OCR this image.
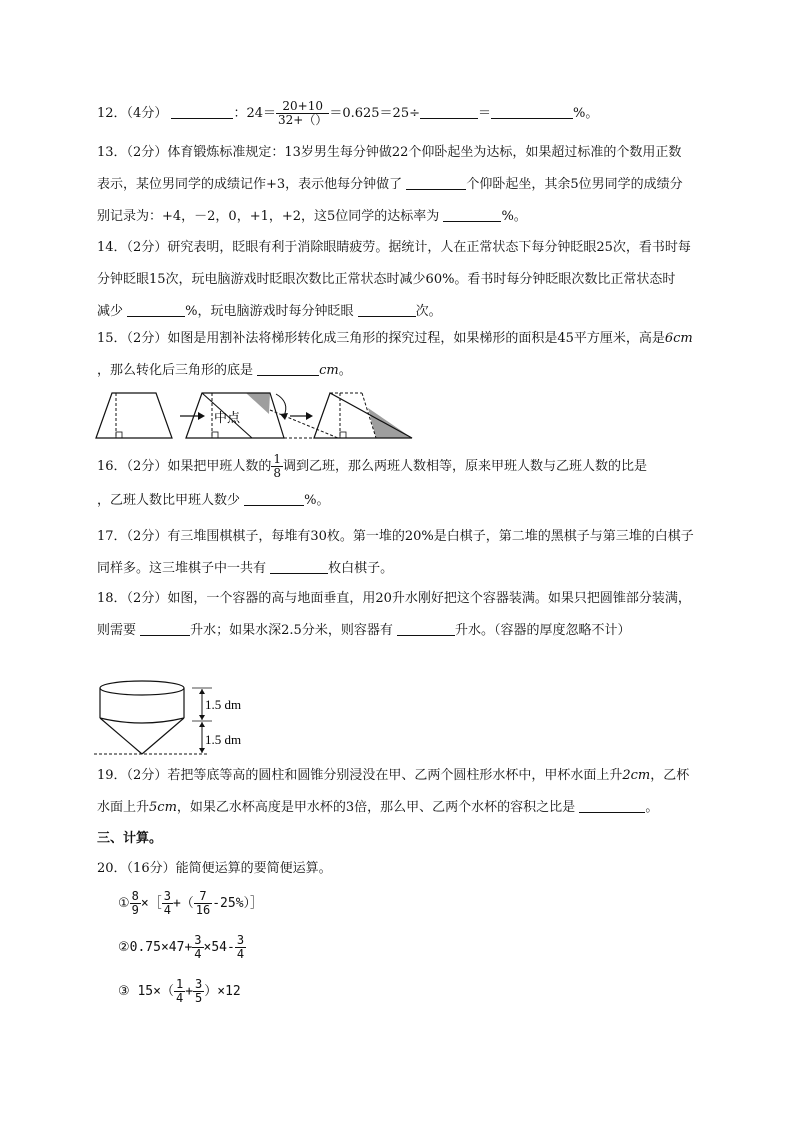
12．（4分）	：$24= \frac{20+10}{32+()} =0.625=25\div$	＝	%。
13．（2分）体育锻炼标准规定：13岁男生每分钟做22个仰卧起坐为达标，如果超过标准的个数用正数
表示，某位男同学的成绩记作+3，表示他每分钟做了	个仰卧起坐，其余5位男同学的成绩分
别记录为：+4，－2，0，+1，+2，这5位同学的达标率为	%。
14．（2分）研究表明，眨眼有利于消除眼睛疲劳。据统计，人在正常状态下每分钟眨眼25次，看书时每
分钟眨眼15次，玩电脑游戏时眨眼次数比正常状态时减少60%。看书时每分钟眨眼次数比正常状态时
减少	%，玩电脑游戏时每分钟眨眼	次。
15．（2分）如图是用割补法将梯形转化成三角形的探究过程，如果梯形的面积是45平方厘米，高是6cm
，那么转化后三角形的底是	cm。
中点
16．（2分）如果把甲班人数的 $\frac{1}{8}$ 调到乙班，那么两班人数相等，原来甲班人数与乙班人数的比是
，乙班人数比甲班人数少	%。
17．（2分）有三堆围棋棋子，每堆有30枚。第一堆的20%是白棋子，第二堆的黑棋子与第三堆的白棋子
同样多。这三堆棋子中一共有	枚白棋子。
18．（2分）如图，一个容器的高与地面垂直，用20升水刚好把这个容器装满。如果只把圆锥部分装满，
则需要	升水；如果水深2.5分米，则容器有	升水。（容器的厚度忽略不计）
1.5 dm
1.5 dm
19．（2分）若把等底等高的圆柱和圆锥分别浸没在甲、乙两个圆柱形水杯中，甲杯水面上升2cm，乙杯
水面上升5cm，如果乙水杯高度是甲水杯的3倍，那么甲、乙两个水杯的容积之比是	。
三、计算。
20．（16分）能简便运算的要简便运算。
① $\frac{8}{9}$ ×［ $\frac{3}{4}$ +（ $\frac{7}{16}$ -25%）］
②0.75×47+ $\frac{3}{4} \times 54- \frac{3}{4}$
③ $15\times( \frac{1}{4} + \frac{3}{5} )\times 12$
